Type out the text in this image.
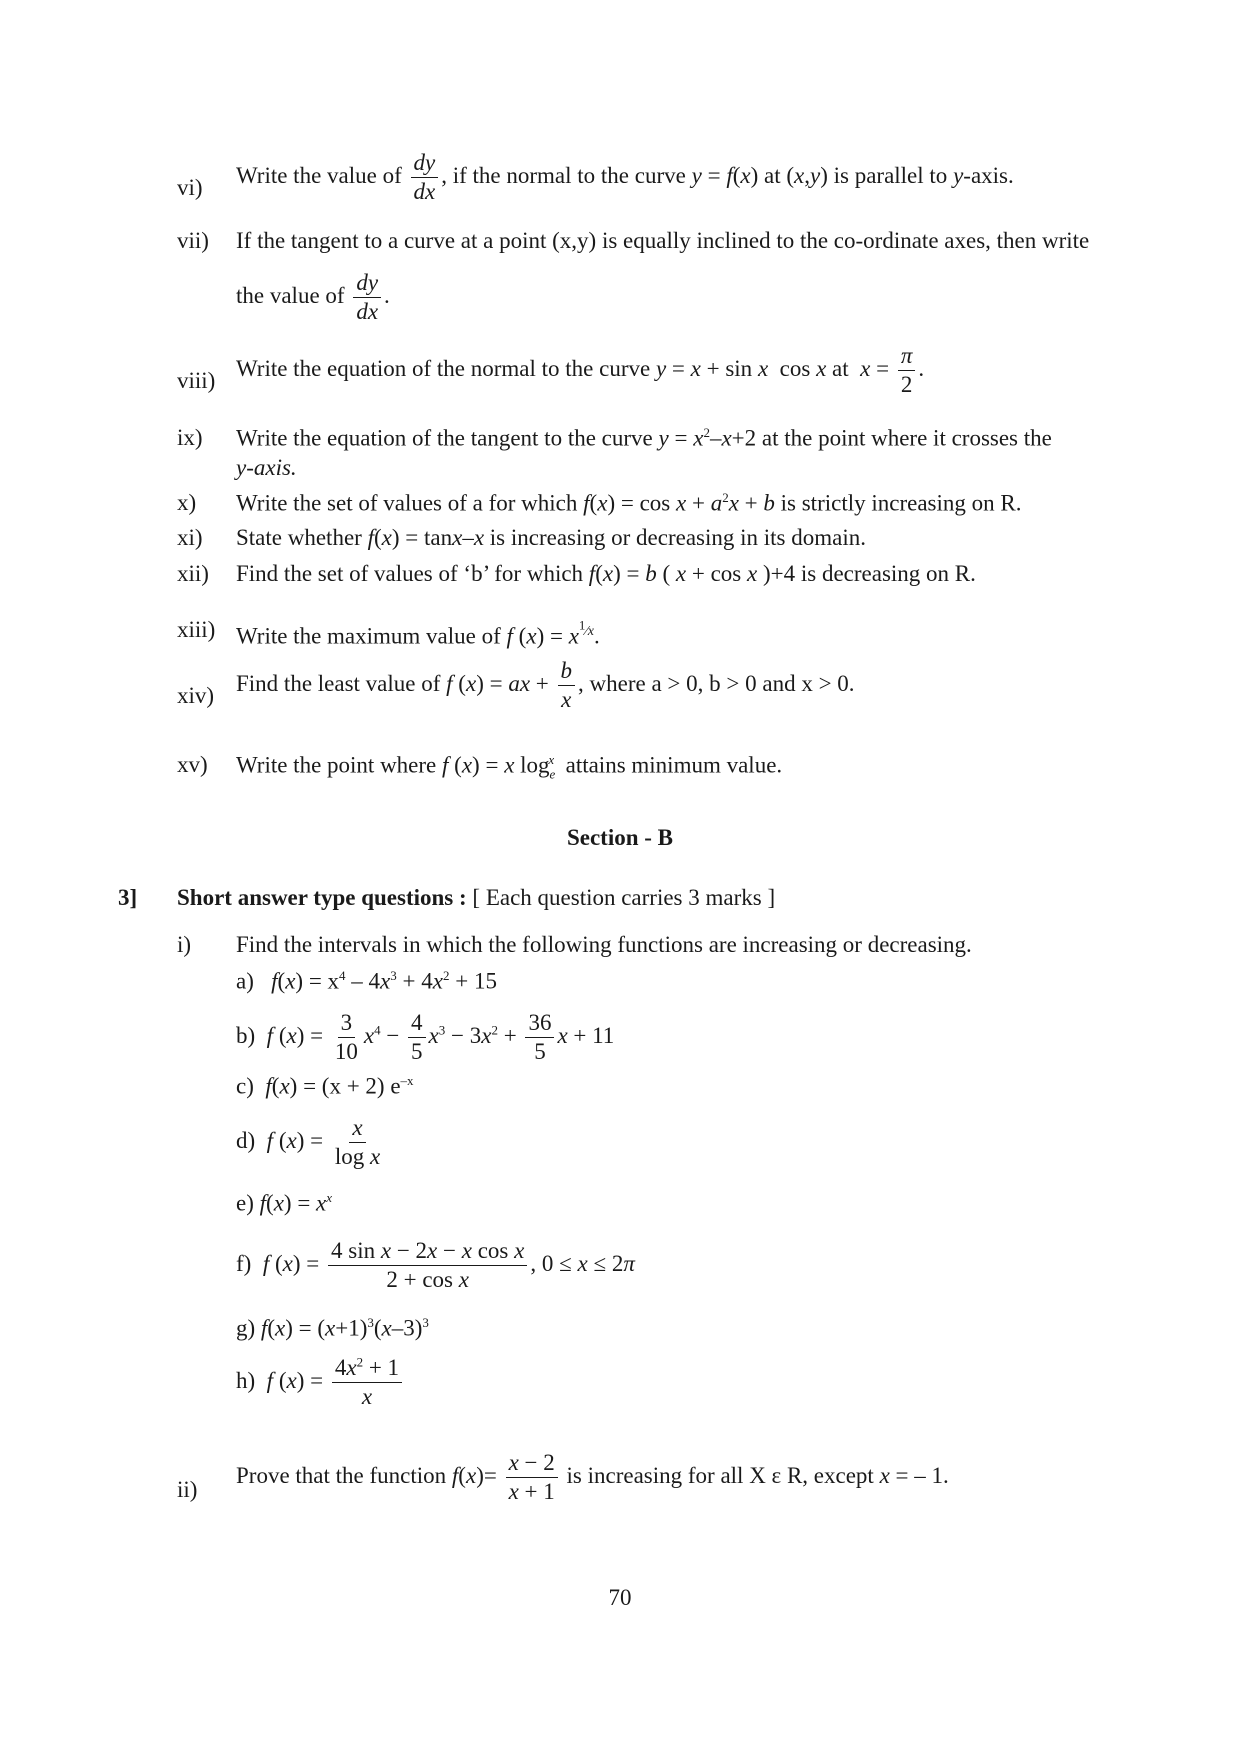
vi) Write the value of $\frac{dy}{dx}$ , if the normal to the curve y = f(x) at (x,y) is parallel to y-axis.
vii) If the tangent to a curve at a point (x,y) is equally inclined to the co-ordinate axes, then write
the value of $\frac{dy}{dx}$ .
viii) Write the equation of the normal to the curve y = x + sin x  cos x at  $x = \frac{\pi}{2}$ .
ix) Write the equation of the tangent to the curve $y = x^2-x+2$ at the point where it crosses the
y-axis.
x) Write the set of values of a for which $f(x) = \cos x + a^2x + b$ is strictly increasing on R.
xi) State whether f(x) = tanx–x is increasing or decreasing in its domain.
xii) Find the set of values of ‘b’ for which f(x) = b ( x + cos x )+4 is decreasing on R.
xiii) Write the maximum value of f $(x) = x^{^1⁄x}$.
xiv) Find the least value of f (x) = ax + $\frac{b}{x}$ , where a > 0, b > 0 and x > 0.
xv) Write the point where f (x) = x $\log_e^x$  attains minimum value.
Section - B
3] Short answer type questions : [ Each question carries 3 marks ]
i) Find the intervals in which the following functions are increasing or decreasing.
a) $f(x) = x^4 - 4x^3 + 4x^2 + 15$
b) f $(x) = \frac{3}{10} x^4 - \frac{4}{5} x^3 - 3x^2 + \frac{36}{5}$ x + 11
c) f(x) = (x + 2) $e^{-x}$
d) f $(x) = \frac{x}{\text{log x}}$
e) $f(x) = x^x$
f) f $(x) = \frac{\text{4 sin x − 2x − x cos x}}{\text{2 + cos x}}$ , 0 ≤ x ≤ 2π
g) $f(x) = (x+1)^3(x-3)^3$
h) f $(x) = \frac{4x^2 + 1}{x}$
ii)
Prove that the function $f(x)= \frac{x - 2}{x + 1}$ is increasing for all X ε R, except x = – 1.
70
